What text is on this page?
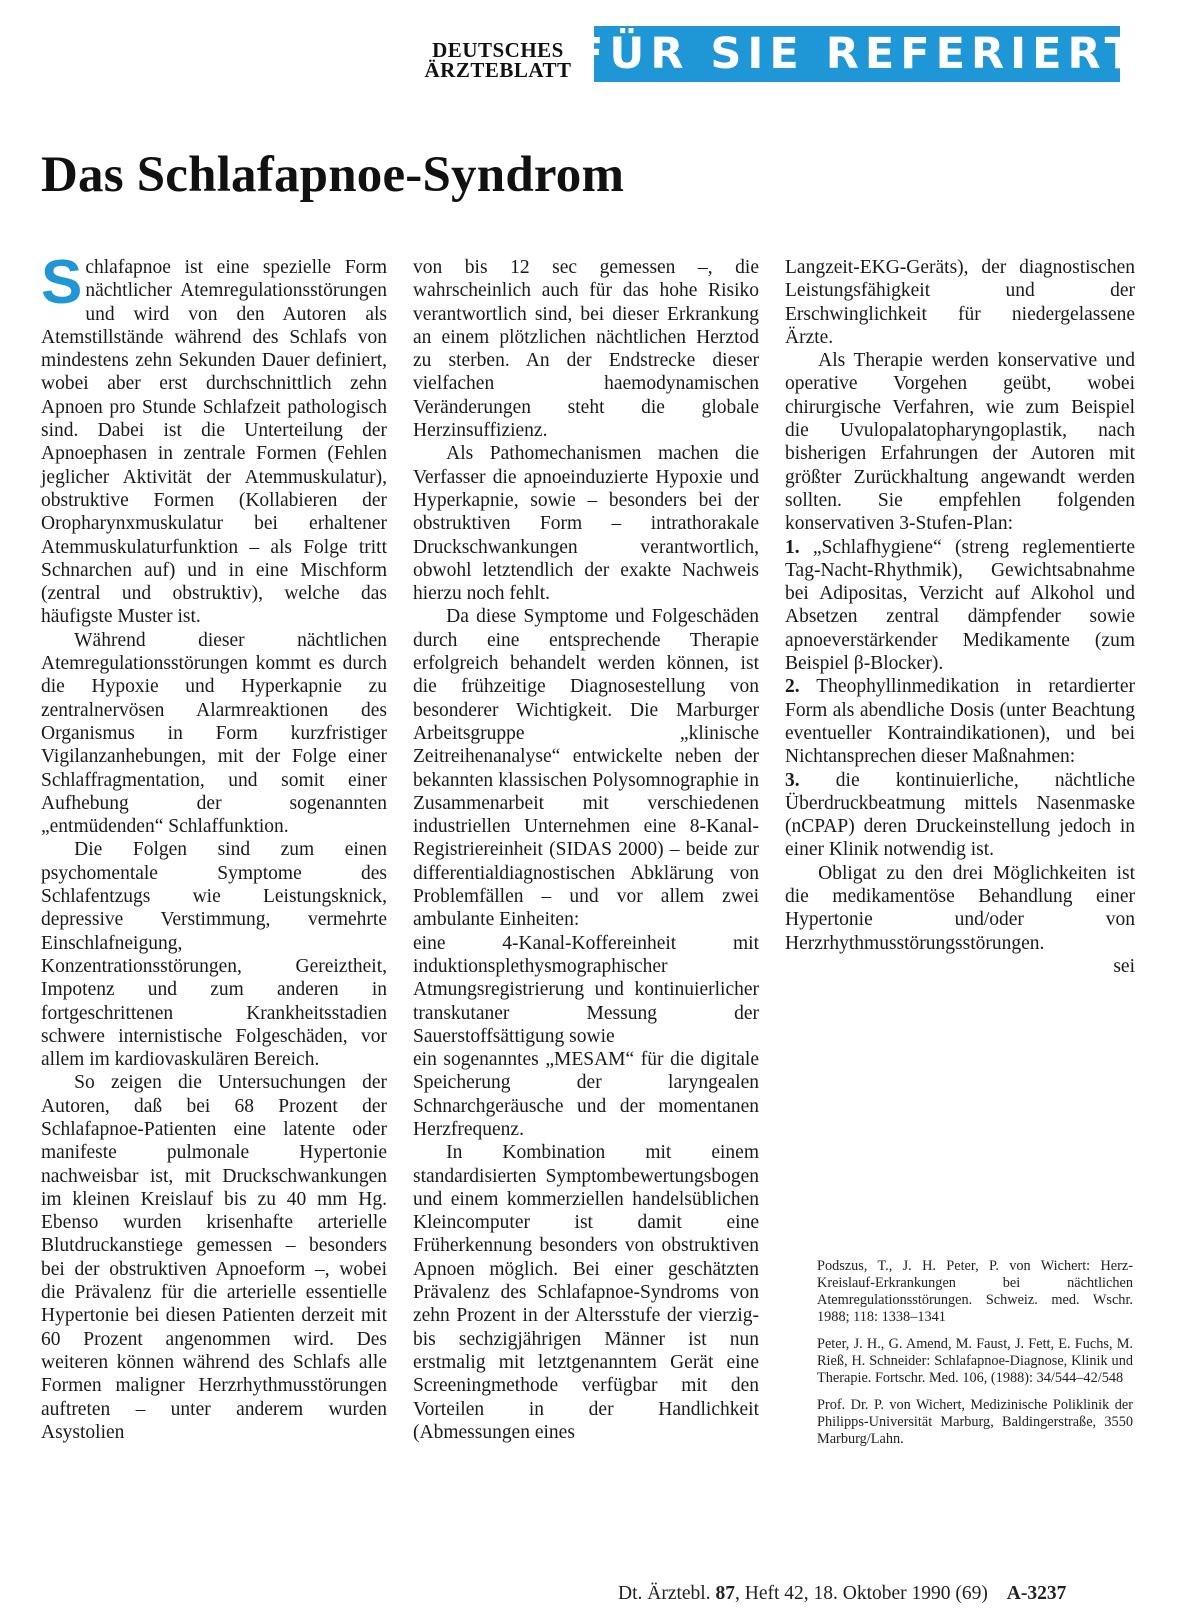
DEUTSCHES
ÄRZTEBLATT FÜR SIE REFERIERT
Das Schlafapnoe-Syndrom

Schlafapnoe ist eine spezielle Form nächtlicher Atemregulationsstörungen und wird von den Autoren als Atemstillstände während des Schlafs von mindestens zehn Sekunden Dauer definiert, wobei aber erst durchschnittlich zehn Apnoen pro Stunde Schlafzeit pathologisch sind. Dabei ist die Unterteilung der Apnoephasen in zentrale Formen (Fehlen jeglicher Aktivität der Atemmuskulatur), obstruktive Formen (Kollabieren der Oropharynxmuskulatur bei erhaltener Atemmuskulaturfunktion – als Folge tritt Schnarchen auf) und in eine Mischform (zentral und obstruktiv), welche das häufigste Muster ist.

Während dieser nächtlichen Atemregulationsstörungen kommt es durch die Hypoxie und Hyperkapnie zu zentralnervösen Alarmreaktionen des Organismus in Form kurzfristiger Vigilanzanhebungen, mit der Folge einer Schlaffragmentation, und somit einer Aufhebung der sogenannten „entmüdenden“ Schlaffunktion.

Die Folgen sind zum einen psychomentale Symptome des Schlafentzugs wie Leistungsknick, depressive Verstimmung, vermehrte Einschlafneigung, Konzentrationsstörungen, Gereiztheit, Impotenz und zum anderen in fortgeschrittenen Krankheitsstadien schwere internistische Folgeschäden, vor allem im kardiovaskulären Bereich.

So zeigen die Untersuchungen der Autoren, daß bei 68 Prozent der Schlafapnoe-Patienten eine latente oder manifeste pulmonale Hypertonie nachweisbar ist, mit Druckschwankungen im kleinen Kreislauf bis zu 40 mm Hg. Ebenso wurden krisenhafte arterielle Blutdruckanstiege gemessen – besonders bei der obstruktiven Apnoeform –, wobei die Prävalenz für die arterielle essentielle Hypertonie bei diesen Patienten derzeit mit 60 Prozent angenommen wird. Des weiteren können während des Schlafs alle Formen maligner Herzrhythmusstörungen auftreten – unter anderem wurden Asystolien

von bis 12 sec gemessen –, die wahrscheinlich auch für das hohe Risiko verantwortlich sind, bei dieser Erkrankung an einem plötzlichen nächtlichen Herztod zu sterben. An der Endstrecke dieser vielfachen haemodynamischen Veränderungen steht die globale Herzinsuffizienz.

Als Pathomechanismen machen die Verfasser die apnoeinduzierte Hypoxie und Hyperkapnie, sowie – besonders bei der obstruktiven Form – intrathorakale Druckschwankungen verantwortlich, obwohl letztendlich der exakte Nachweis hierzu noch fehlt.

Da diese Symptome und Folgeschäden durch eine entsprechende Therapie erfolgreich behandelt werden können, ist die frühzeitige Diagnosestellung von besonderer Wichtigkeit. Die Marburger Arbeitsgruppe „klinische Zeitreihenanalyse“ entwickelte neben der bekannten klassischen Polysomnographie in Zusammenarbeit mit verschiedenen industriellen Unternehmen eine 8-Kanal-Registriereinheit (SIDAS 2000) – beide zur differentialdiagnostischen Abklärung von Problemfällen – und vor allem zwei ambulante Einheiten:

eine 4-Kanal-Koffereinheit mit induktionsplethysmographischer Atmungsregistrierung und kontinuierlicher transkutaner Messung der Sauerstoffsättigung sowie

ein sogenanntes „MESAM“ für die digitale Speicherung der laryngealen Schnarchgeräusche und der momentanen Herzfrequenz.

In Kombination mit einem standardisierten Symptombewertungsbogen und einem kommerziellen handelsüblichen Kleincomputer ist damit eine Früherkennung besonders von obstruktiven Apnoen möglich. Bei einer geschätzten Prävalenz des Schlafapnoe-Syndroms von zehn Prozent in der Altersstufe der vierzig- bis sechzigjährigen Männer ist nun erstmalig mit letztgenanntem Gerät eine Screeningmethode verfügbar mit den Vorteilen in der Handlichkeit (Abmessungen eines

Langzeit-EKG-Geräts), der diagnostischen Leistungsfähigkeit und der Erschwinglichkeit für niedergelassene Ärzte.

Als Therapie werden konservative und operative Vorgehen geübt, wobei chirurgische Verfahren, wie zum Beispiel die Uvulopalatopharyngoplastik, nach bisherigen Erfahrungen der Autoren mit größter Zurückhaltung angewandt werden sollten. Sie empfehlen folgenden konservativen 3-Stufen-Plan:

1. „Schlafhygiene“ (streng reglementierte Tag-Nacht-Rhythmik), Gewichtsabnahme bei Adipositas, Verzicht auf Alkohol und Absetzen zentral dämpfender sowie apnoeverstärkender Medikamente (zum Beispiel β-Blocker).
2. Theophyllinmedikation in retardierter Form als abendliche Dosis (unter Beachtung eventueller Kontraindikationen), und bei Nichtansprechen dieser Maßnahmen:
3. die kontinuierliche, nächtliche Überdruckbeatmung mittels Nasenmaske (nCPAP) deren Druckeinstellung jedoch in einer Klinik notwendig ist.

Obligat zu den drei Möglichkeiten ist die medikamentöse Behandlung einer Hypertonie und/oder von Herzrhythmusstörungsstörungen.

sei

Podszus, T., J. H. Peter, P. von Wichert: Herz-Kreislauf-Erkrankungen bei nächtlichen Atemregulationsstörungen. Schweiz. med. Wschr. 1988; 118: 1338–1341

Peter, J. H., G. Amend, M. Faust, J. Fett, E. Fuchs, M. Rieß, H. Schneider: Schlafapnoe-Diagnose, Klinik und Therapie. Fortschr. Med. 106, (1988): 34/544–42/548

Prof. Dr. P. von Wichert, Medizinische Poliklinik der Philipps-Universität Marburg, Baldingerstraße, 3550 Marburg/Lahn.

Dt. Ärztebl. 87, Heft 42, 18. Oktober 1990 (69) A-3237
